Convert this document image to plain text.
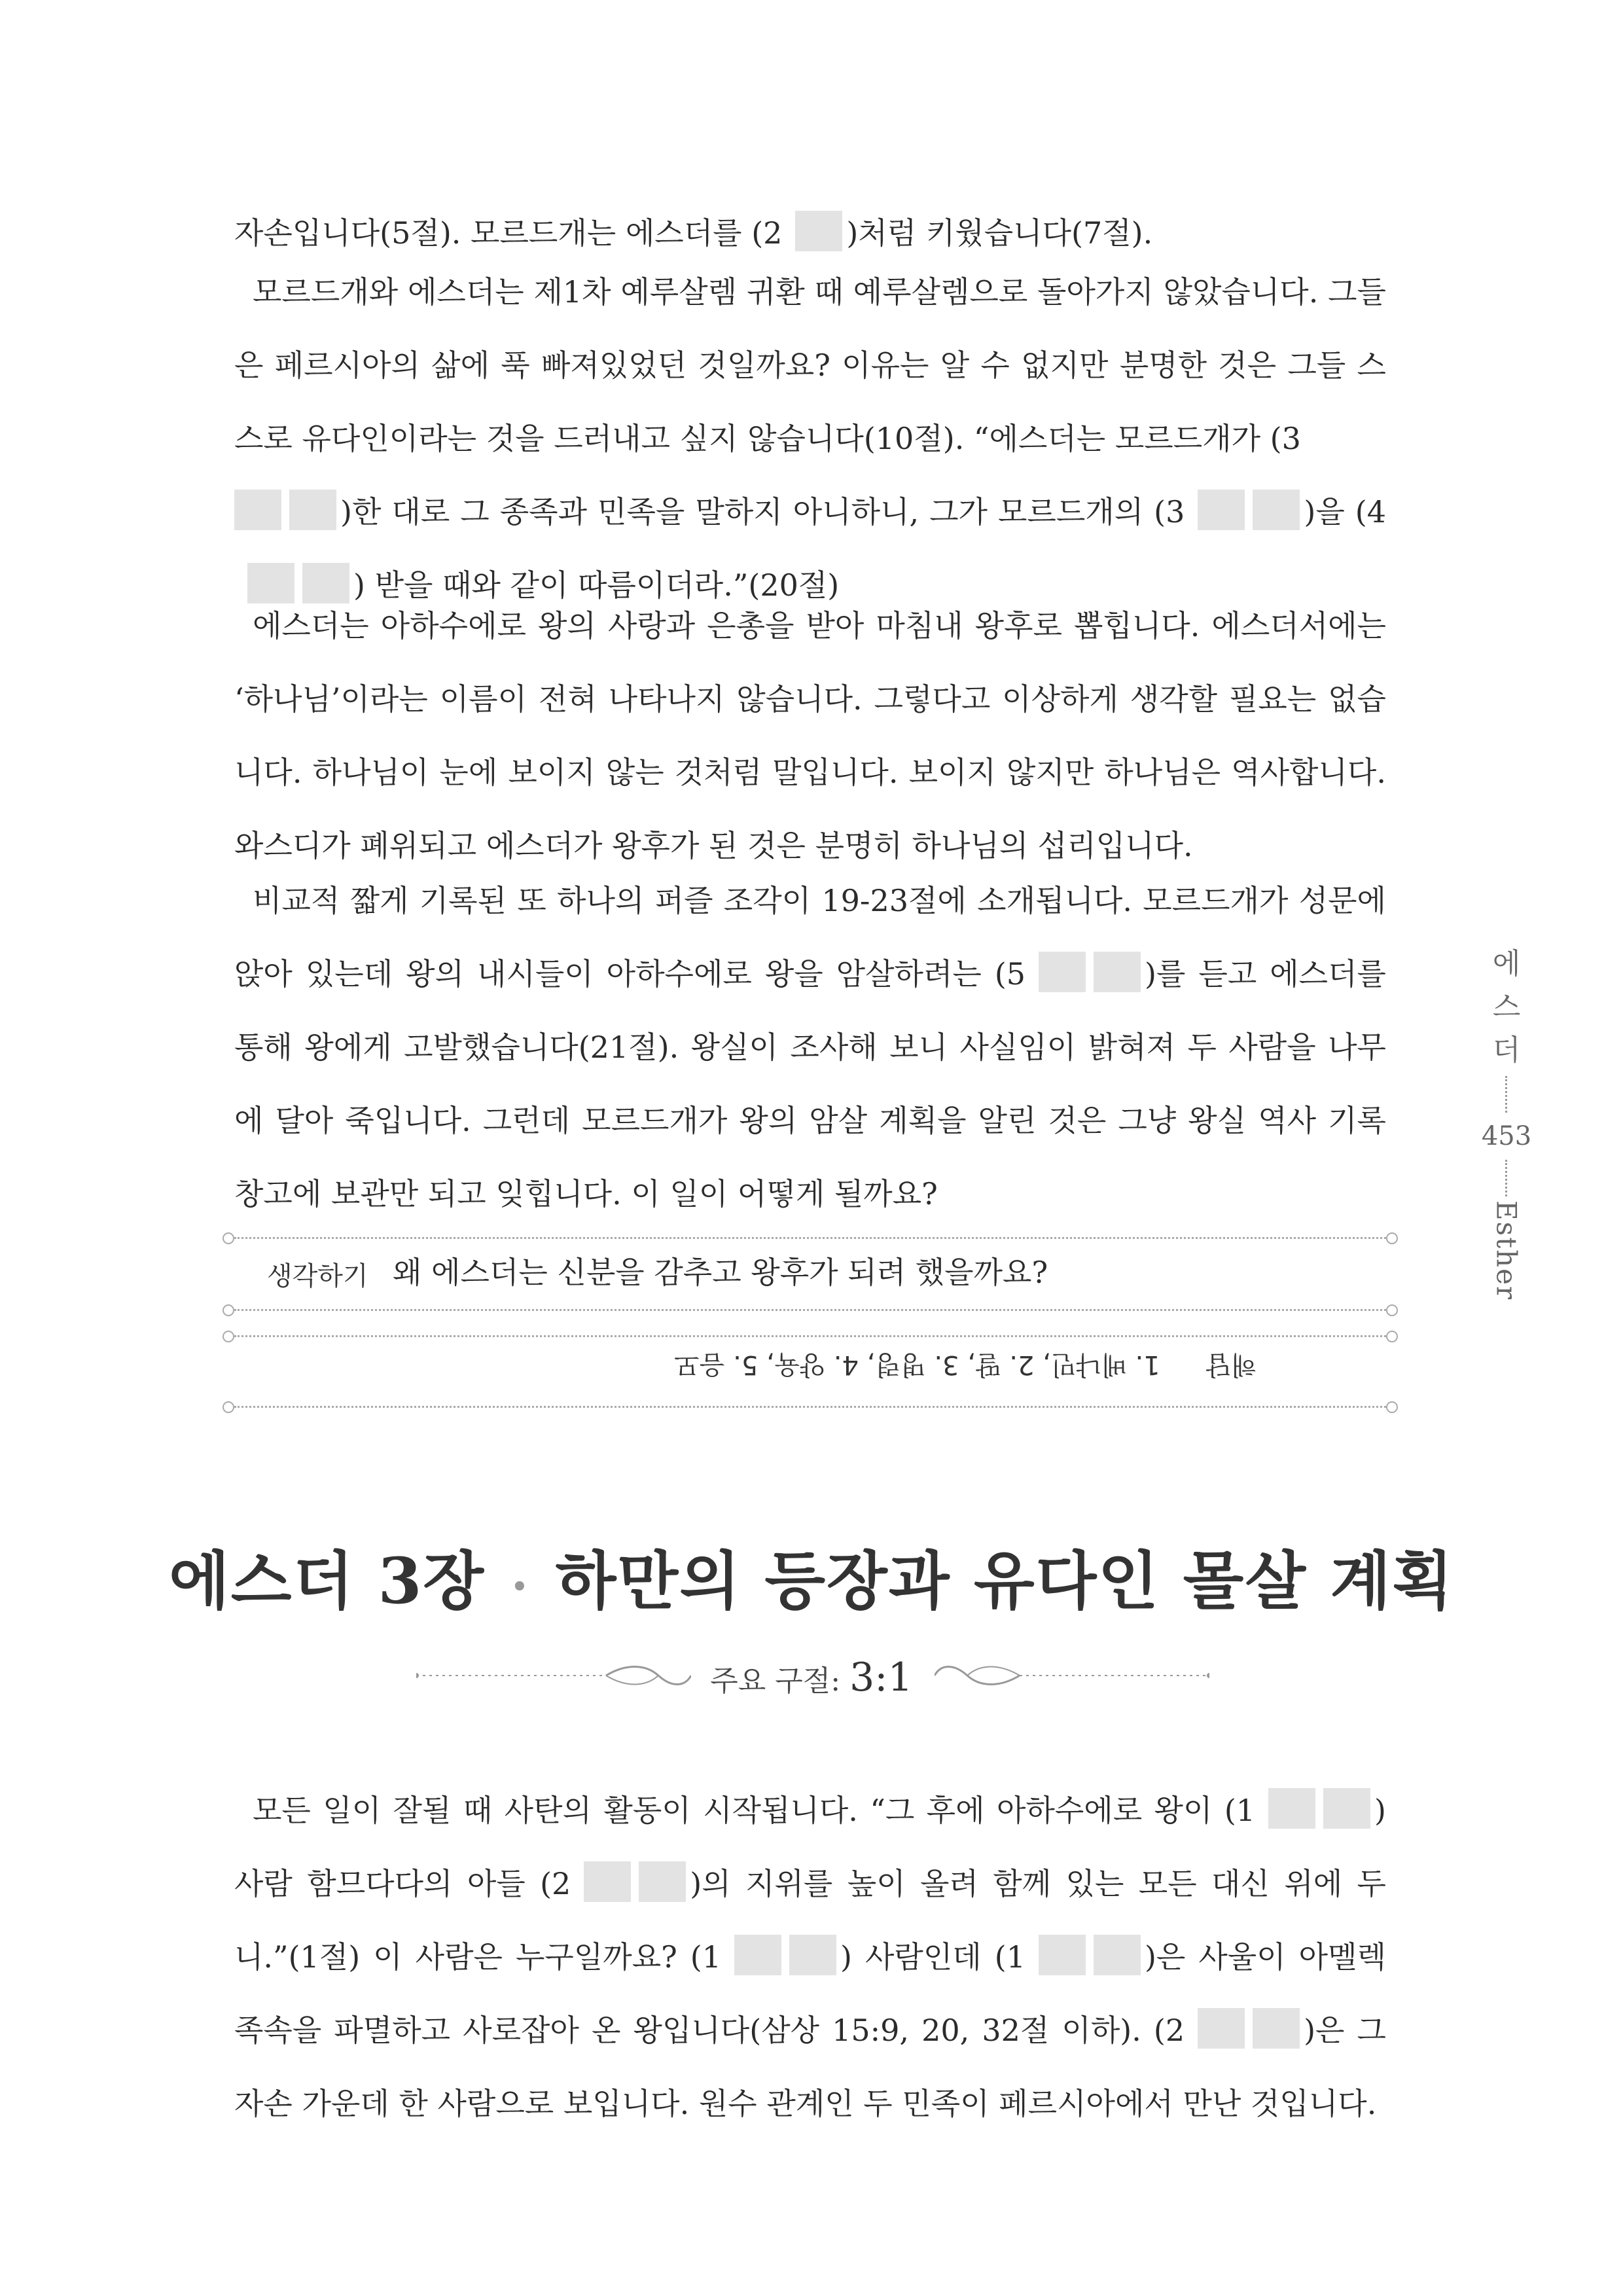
자손입니다(5절). 모르드개는 에스더를 (2 )처럼 키웠습니다(7절).

모르드개와 에스더는 제1차 예루살렘 귀환 때 예루살렘으로 돌아가지 않았습니다. 그들은 페르시아의 삶에 푹 빠져있었던 것일까요? 이유는 알 수 없지만 분명한 것은 그들 스스로 유다인이라는 것을 드러내고 싶지 않습니다(10절). “에스더는 모르드개가 (3
)한 대로 그 종족과 민족을 말하지 아니하니, 그가 모르드개의 (3	)을 (4) 받을 때와 같이 따름이더라.”(20절)

에스더는 아하수에로 왕의 사랑과 은총을 받아 마침내 왕후로 뽑힙니다. 에스더서에는 ‘하나님’이라는 이름이 전혀 나타나지 않습니다. 그렇다고 이상하게 생각할 필요는 없습니다. 하나님이 눈에 보이지 않는 것처럼 말입니다. 보이지 않지만 하나님은 역사합니다. 와스디가 폐위되고 에스더가 왕후가 된 것은 분명히 하나님의 섭리입니다.

비교적 짧게 기록된 또 하나의 퍼즐 조각이 19-23절에 소개됩니다. 모르드개가 성문에 앉아 있는데 왕의 내시들이 아하수에로 왕을 암살하려는 (5	)를 듣고 에스더를 통해 왕에게 고발했습니다(21절). 왕실이 조사해 보니 사실임이 밝혀져 두 사람을 나무에 달아 죽입니다. 그런데 모르드개가 왕의 암살 계획을 알린 것은 그냥 왕실 역사 기록 창고에 보관만 되고 잊힙니다. 이 일이 어떻게 될까요?

에
스
더
453
Esther
생각하기 왜 에스더는 신분을 감추고 왕후가 되려 했을까요?
해답1. 베냐민, 2. 딸, 3. 명령, 4. 양육, 5. 음모
에스더 3장 • 하만의 등장과 유다인 몰살 계획
주요 구절: 3:1

모든 일이 잘될 때 사탄의 활동이 시작됩니다. “그 후에 아하수에로 왕이 (1	) 사람 함므다다의 아들 (2	)의 지위를 높이 올려 함께 있는 모든 대신 위에 두니.”(1절) 이 사람은 누구일까요? (1	) 사람인데 (1	)은 사울이 아멜렉 족속을 파멸하고 사로잡아 온 왕입니다(삼상 15:9, 20, 32절 이하). (2	)은 그 자손 가운데 한 사람으로 보입니다. 원수 관계인 두 민족이 페르시아에서 만난 것입니다.
